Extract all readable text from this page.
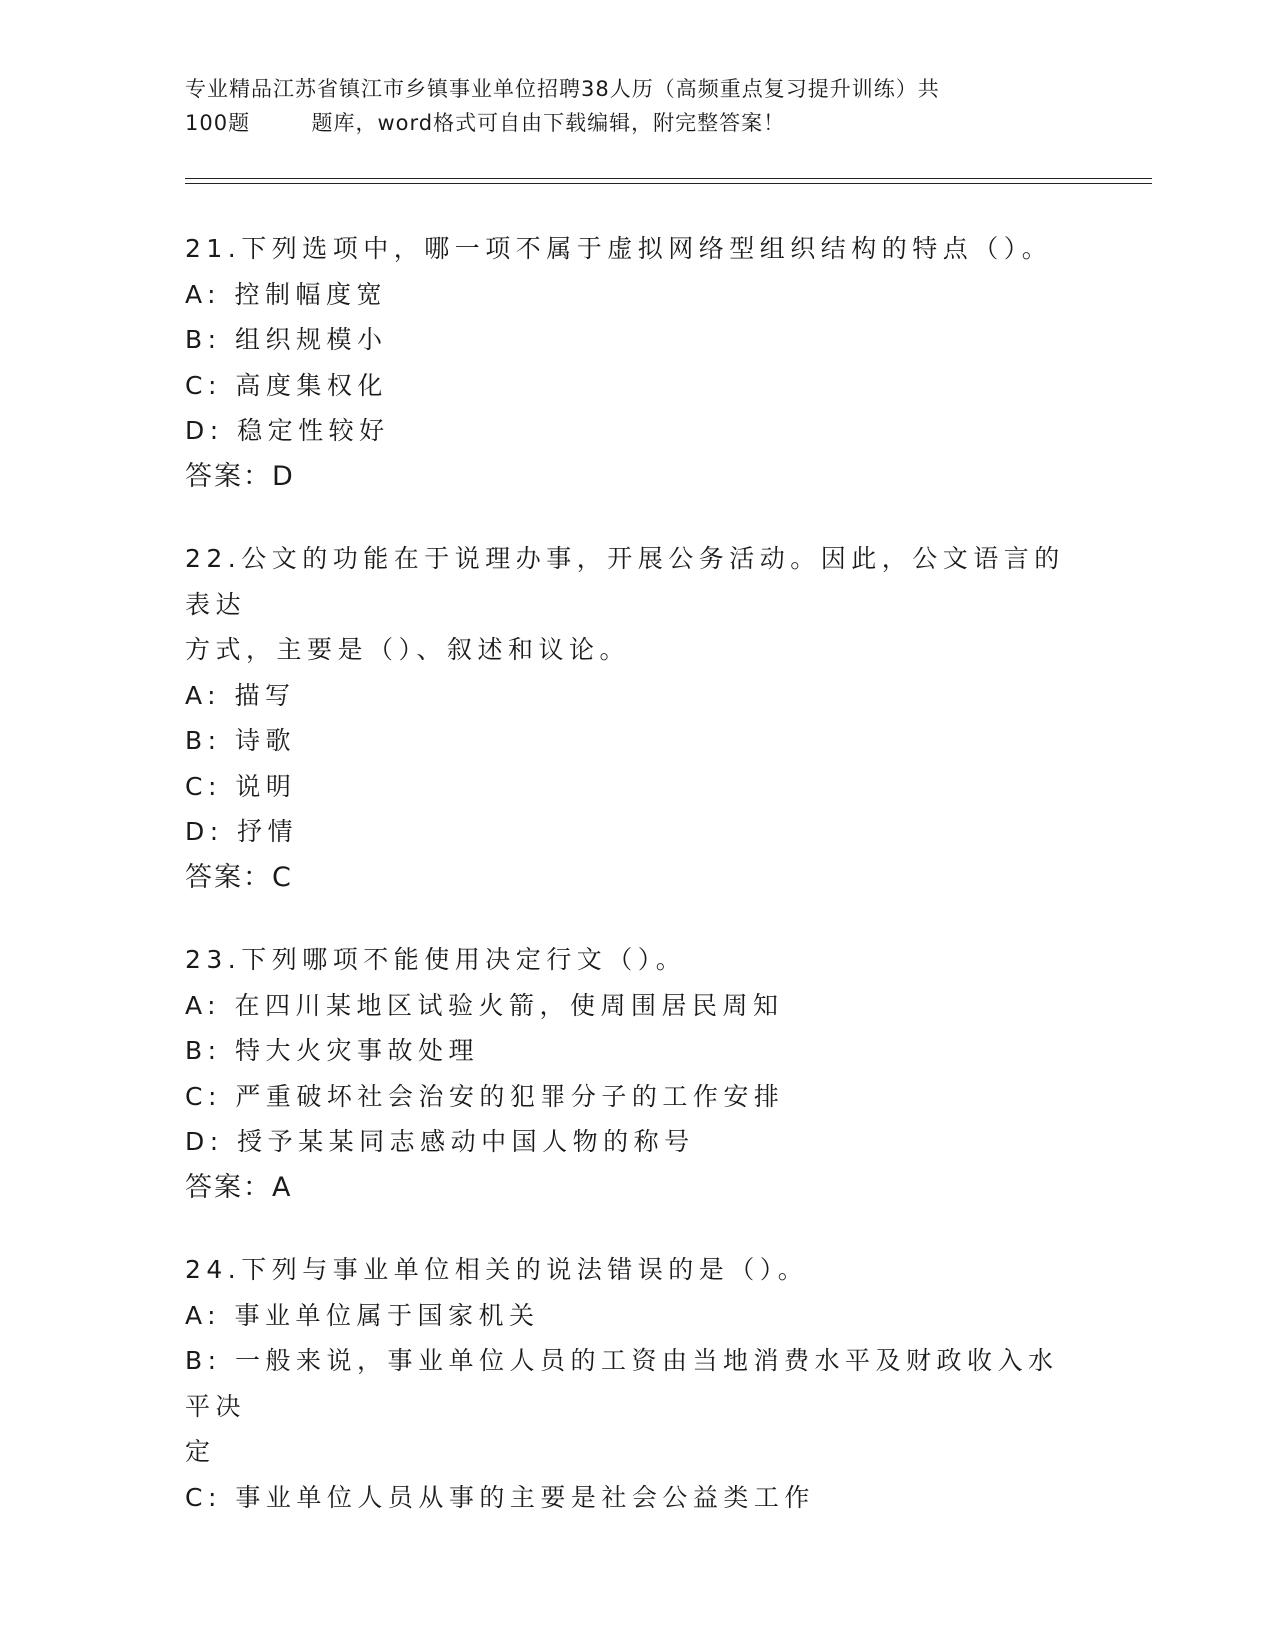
专业精品江苏省镇江市乡镇事业单位招聘38人历（高频重点复习提升训练）共
100题        题库，word格式可自由下载编辑，附完整答案！
21.下列选项中，哪一项不属于虚拟网络型组织结构的特点（）。
A: 控制幅度宽
B: 组织规模小
C: 高度集权化
D: 稳定性较好
答案：D
22.公文的功能在于说理办事，开展公务活动。因此，公文语言的表达
方式，主要是（）、叙述和议论。
A: 描写
B: 诗歌
C: 说明
D: 抒情
答案：C
23.下列哪项不能使用决定行文（）。
A: 在四川某地区试验火箭，使周围居民周知
B: 特大火灾事故处理
C: 严重破坏社会治安的犯罪分子的工作安排
D: 授予某某同志感动中国人物的称号
答案：A
24.下列与事业单位相关的说法错误的是（）。
A: 事业单位属于国家机关
B: 一般来说，事业单位人员的工资由当地消费水平及财政收入水平决
定
C: 事业单位人员从事的主要是社会公益类工作
